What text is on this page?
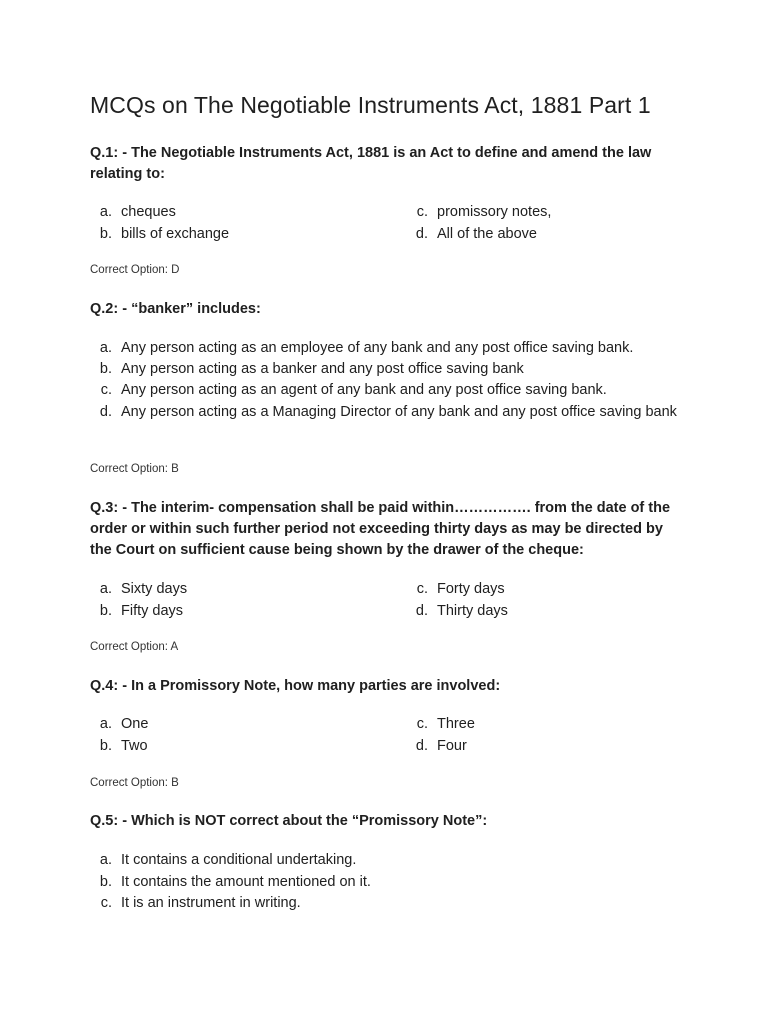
MCQs on The Negotiable Instruments Act, 1881 Part 1

Q.1: - The Negotiable Instruments Act, 1881 is an Act to define and amend the law relating to:

a. cheques
b. bills of exchange
c. promissory notes,
d. All of the above

Correct Option: D

Q.2: - “banker” includes:

a. Any person acting as an employee of any bank and any post office saving bank.
b. Any person acting as a banker and any post office saving bank
c. Any person acting as an agent of any bank and any post office saving bank.
d. Any person acting as a Managing Director of any bank and any post office saving bank

Correct Option: B

Q.3: - The interim- compensation shall be paid within……………. from the date of the order or within such further period not exceeding thirty days as may be directed by the Court on sufficient cause being shown by the drawer of the cheque:

a. Sixty days
b. Fifty days
c. Forty days
d. Thirty days

Correct Option: A

Q.4: - In a Promissory Note, how many parties are involved:

a. One
b. Two
c. Three
d. Four

Correct Option: B

Q.5: - Which is NOT correct about the “Promissory Note”:

a. It contains a conditional undertaking.
b. It contains the amount mentioned on it.
c. It is an instrument in writing.
